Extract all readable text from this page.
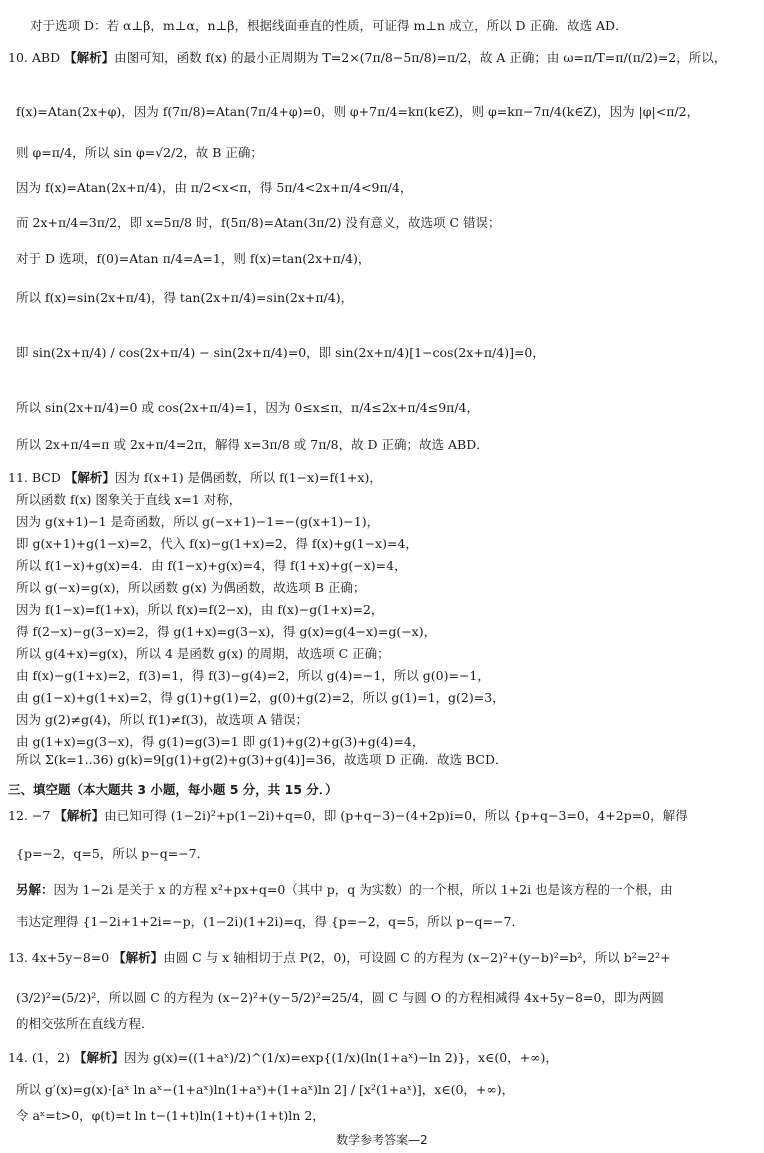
对于选项 D：若 α⊥β，m⊥α，n⊥β，根据线面垂直的性质，可证得 m⊥n 成立，所以 D 正确．故选 AD．
10. ABD 【解析】由图可知，函数 f(x) 的最小正周期为 T=2×(7π/8−5π/8)=π/2，故 A 正确；由 ω=π/T=π/(π/2)=2，所以，
f(x)=Atan(2x+φ)，因为 f(7π/8)=Atan(7π/4+φ)=0，则 φ+7π/4=kπ(k∈Z)，则 φ=kπ−7π/4(k∈Z)，因为 |φ|<π/2，
则 φ=π/4，所以 sin φ=√2/2，故 B 正确；
因为 f(x)=Atan(2x+π/4)，由 π/2<x<π，得 5π/4<2x+π/4<9π/4，
而 2x+π/4=3π/2，即 x=5π/8 时，f(5π/8)=Atan(3π/2) 没有意义，故选项 C 错误；
对于 D 选项，f(0)=Atan π/4=A=1，则 f(x)=tan(2x+π/4)，
所以 f(x)=sin(2x+π/4)，得 tan(2x+π/4)=sin(2x+π/4)，
即 sin(2x+π/4) / cos(2x+π/4) − sin(2x+π/4)=0，即 sin(2x+π/4)[1−cos(2x+π/4)]=0，
所以 sin(2x+π/4)=0 或 cos(2x+π/4)=1，因为 0≤x≤π，π/4≤2x+π/4≤9π/4，
所以 2x+π/4=π 或 2x+π/4=2π，解得 x=3π/8 或 7π/8，故 D 正确；故选 ABD．
11. BCD 【解析】因为 f(x+1) 是偶函数，所以 f(1−x)=f(1+x)，
所以函数 f(x) 图象关于直线 x=1 对称，
因为 g(x+1)−1 是奇函数，所以 g(−x+1)−1=−(g(x+1)−1)，
即 g(x+1)+g(1−x)=2，代入 f(x)−g(1+x)=2，得 f(x)+g(1−x)=4，
所以 f(1−x)+g(x)=4．由 f(1−x)+g(x)=4，得 f(1+x)+g(−x)=4，
所以 g(−x)=g(x)，所以函数 g(x) 为偶函数，故选项 B 正确；
因为 f(1−x)=f(1+x)，所以 f(x)=f(2−x)，由 f(x)−g(1+x)=2，
得 f(2−x)−g(3−x)=2，得 g(1+x)=g(3−x)，得 g(x)=g(4−x)=g(−x)，
所以 g(4+x)=g(x)，所以 4 是函数 g(x) 的周期，故选项 C 正确；
由 f(x)−g(1+x)=2，f(3)=1，得 f(3)−g(4)=2，所以 g(4)=−1，所以 g(0)=−1，
由 g(1−x)+g(1+x)=2，得 g(1)+g(1)=2，g(0)+g(2)=2，所以 g(1)=1，g(2)=3，
因为 g(2)≠g(4)，所以 f(1)≠f(3)，故选项 A 错误；
由 g(1+x)=g(3−x)，得 g(1)=g(3)=1 即 g(1)+g(2)+g(3)+g(4)=4，
所以 Σ(k=1..36) g(k)=9[g(1)+g(2)+g(3)+g(4)]=36，故选项 D 正确．故选 BCD．
三、填空题（本大题共 3 小题，每小题 5 分，共 15 分．）
12. −7 【解析】由已知可得 (1−2i)²+p(1−2i)+q=0，即 (p+q−3)−(4+2p)i=0，所以 {p+q−3=0，4+2p=0，解得
{p=−2，q=5，所以 p−q=−7．
另解：因为 1−2i 是关于 x 的方程 x²+px+q=0（其中 p，q 为实数）的一个根，所以 1+2i 也是该方程的一个根，由
韦达定理得 {1−2i+1+2i=−p，(1−2i)(1+2i)=q，得 {p=−2，q=5，所以 p−q=−7．
13. 4x+5y−8=0 【解析】由圆 C 与 x 轴相切于点 P(2，0)，可设圆 C 的方程为 (x−2)²+(y−b)²=b²，所以 b²=2²+
(3/2)²=(5/2)²，所以圆 C 的方程为 (x−2)²+(y−5/2)²=25/4，圆 C 与圆 O 的方程相减得 4x+5y−8=0，即为两圆
的相交弦所在直线方程．
14. (1，2) 【解析】因为 g(x)=((1+aˣ)/2)^(1/x)=exp{(1/x)(ln(1+aˣ)−ln 2)}，x∈(0，+∞)，
所以 g′(x)=g(x)·[aˣ ln aˣ−(1+aˣ)ln(1+aˣ)+(1+aˣ)ln 2] / [x²(1+aˣ)]，x∈(0，+∞)，
令 aˣ=t>0，φ(t)=t ln t−(1+t)ln(1+t)+(1+t)ln 2，
数学参考答案—2
